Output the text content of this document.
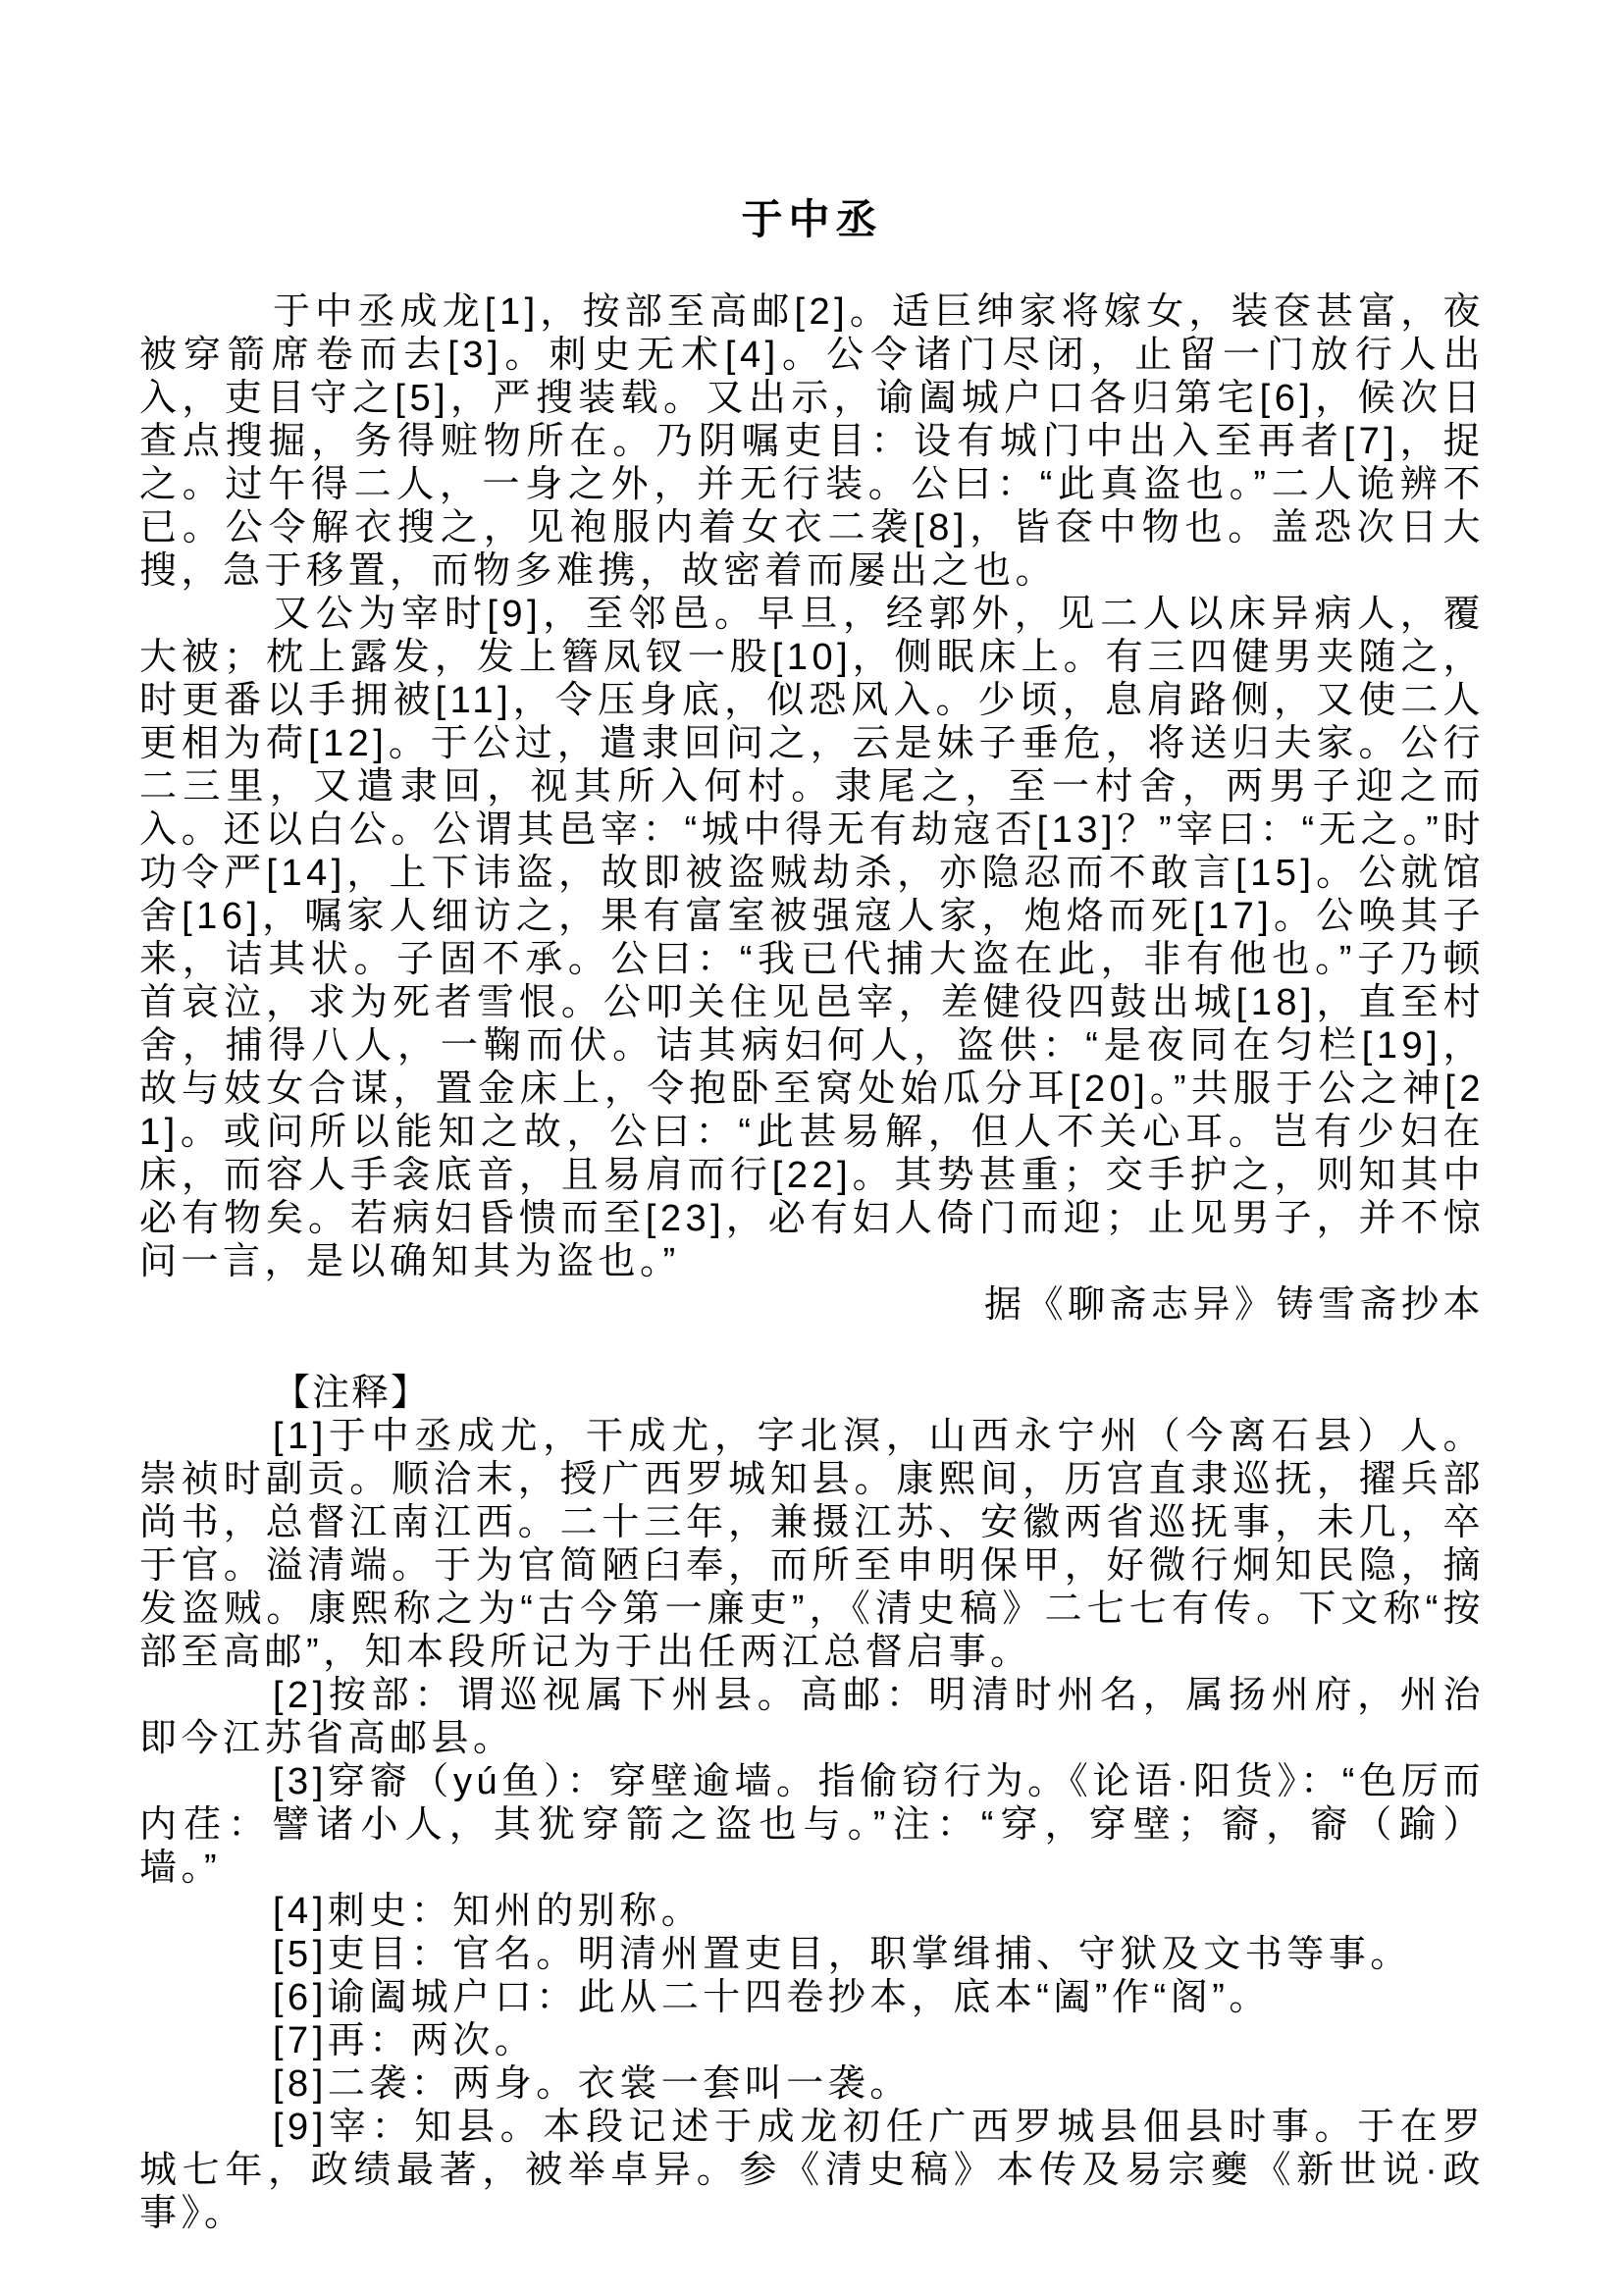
于中丞

于中丞成龙[1]，按部至高邮[2]。适巨绅家将嫁女，装奁甚富，夜被穿箭席卷而去[3]。刺史无术[4]。公令诸门尽闭，止留一门放行人出入，吏目守之[5]，严搜装载。又出示，谕阖城户口各归第宅[6]，候次日查点搜掘，务得赃物所在。乃阴嘱吏目：设有城门中出入至再者[7]，捉之。过午得二人，一身之外，并无行装。公曰：“此真盗也。”二人诡辨不已。公令解衣搜之，见袍服内着女衣二袭[8]，皆奁中物也。盖恐次日大搜，急于移置，而物多难携，故密着而屡出之也。

又公为宰时[9]，至邻邑。早旦，经郭外，见二人以床异病人，覆大被；枕上露发，发上簪凤钗一股[10]，侧眠床上。有三四健男夹随之，时更番以手拥被[11]，令压身底，似恐风入。少顷，息肩路侧，又使二人更相为荷[12]。于公过，遣隶回问之，云是妹子垂危，将送归夫家。公行二三里，又遣隶回，视其所入何村。隶尾之，至一村舍，两男子迎之而入。还以白公。公谓其邑宰：“城中得无有劫寇否[13]？”宰曰：“无之。”时功令严[14]，上下讳盗，故即被盗贼劫杀，亦隐忍而不敢言[15]。公就馆舍[16]，嘱家人细访之，果有富室被强寇人家，炮烙而死[17]。公唤其子来，诘其状。子固不承。公曰：“我已代捕大盗在此，非有他也。”子乃顿首哀泣，求为死者雪恨。公叩关住见邑宰，差健役四鼓出城[18]，直至村舍，捕得八人，一鞠而伏。诘其病妇何人，盗供：“是夜同在匀栏[19]，故与妓女合谋，置金床上，令抱卧至窝处始瓜分耳[20]。”共服于公之神[21]。或问所以能知之故，公曰：“此甚易解，但人不关心耳。岂有少妇在床，而容人手衾底音，且易肩而行[22]。其势甚重；交手护之，则知其中必有物矣。若病妇昏愦而至[23]，必有妇人倚门而迎；止见男子，并不惊问一言，是以确知其为盗也。”

据《聊斋志异》铸雪斋抄本

【注释】

[1]于中丞成尤，干成尤，字北溟，山西永宁州（今离石县）人。崇祯时副贡。顺洽末，授广西罗城知县。康熙间，历宫直隶巡抚，擢兵部尚书，总督江南江西。二十三年，兼摄江苏、安徽两省巡抚事，未几，卒于官。溢清端。于为官简陋臼奉，而所至申明保甲，好微行炯知民隐，摘发盗贼。康熙称之为“古今第一廉吏”，《清史稿》二七七有传。下文称“按部至高邮”，知本段所记为于出任两江总督启事。

[2]按部：谓巡视属下州县。高邮：明清时州名，属扬州府，州治即今江苏省高邮县。

[3]穿窬（yú鱼）：穿壁逾墙。指偷窃行为。《论语·阳货》：“色厉而内荏：譬诸小人，其犹穿箭之盗也与。”注：“穿，穿壁；窬，窬（踰）墙。”

[4]刺史：知州的别称。

[5]吏目：官名。明清州置吏目，职掌缉捕、守狱及文书等事。

[6]谕阖城户口：此从二十四卷抄本，底本“阖”作“阁”。

[7]再：两次。

[8]二袭：两身。衣裳一套叫一袭。

[9]宰：知县。本段记述于成龙初任广西罗城县佃县时事。于在罗城七年，政绩最著，被举卓异。参《清史稿》本传及易宗夔《新世说·政事》。
